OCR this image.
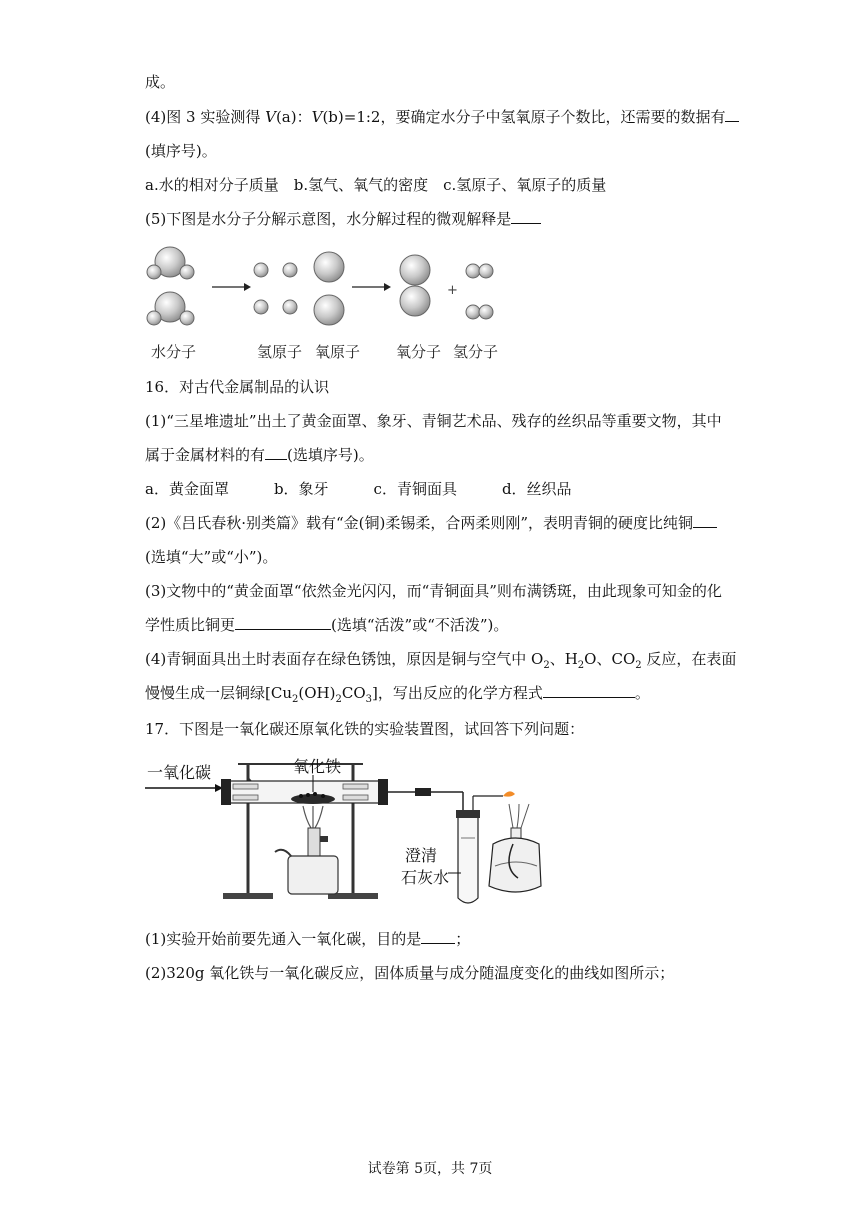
成。
(4)图 3 实验测得 V(a)：V(b)=1:2，要确定水分子中氢氧原子个数比，还需要的数据有
(填序号)。
a.水的相对分子质量　b.氢气、氧气的密度　c.氢原子、氧原子的质量
(5)下图是水分子分解示意图，水分解过程的微观解释是
+
水分子	氢原子 氧原子 氧分子 氢分子
16．对古代金属制品的认识
(1)“三星堆遗址”出土了黄金面罩、象牙、青铜艺术品、残存的丝织品等重要文物，其中
属于金属材料的有 (选填序号)。
a．黄金面罩　　　b．象牙　　　c．青铜面具　　　d．丝织品
(2)《吕氏春秋·别类篇》载有“金(铜)柔锡柔，合两柔则刚”，表明青铜的硬度比纯铜
(选填“大”或“小”)。
(3)文物中的“黄金面罩“依然金光闪闪，而“青铜面具”则布满锈斑，由此现象可知金的化
学性质比铜更	(选填“活泼”或“不活泼”)。
(4)青铜面具出土时表面存在绿色锈蚀，原因是铜与空气中 $O_2$、$H_2O$、$CO_2$ 反应，在表面
慢慢生成一层铜绿$[Cu_2(OH)_2CO_3]$，写出反应的化学方程式	。
17．下图是一氧化碳还原氧化铁的实验装置图，试回答下列问题：
一氧化碳	氧化铁
澄清
石灰水
(1)实验开始前要先通入一氧化碳，目的是 ；
(2)320g 氧化铁与一氧化碳反应，固体质量与成分随温度变化的曲线如图所示；
试卷第 5页，共 7页
